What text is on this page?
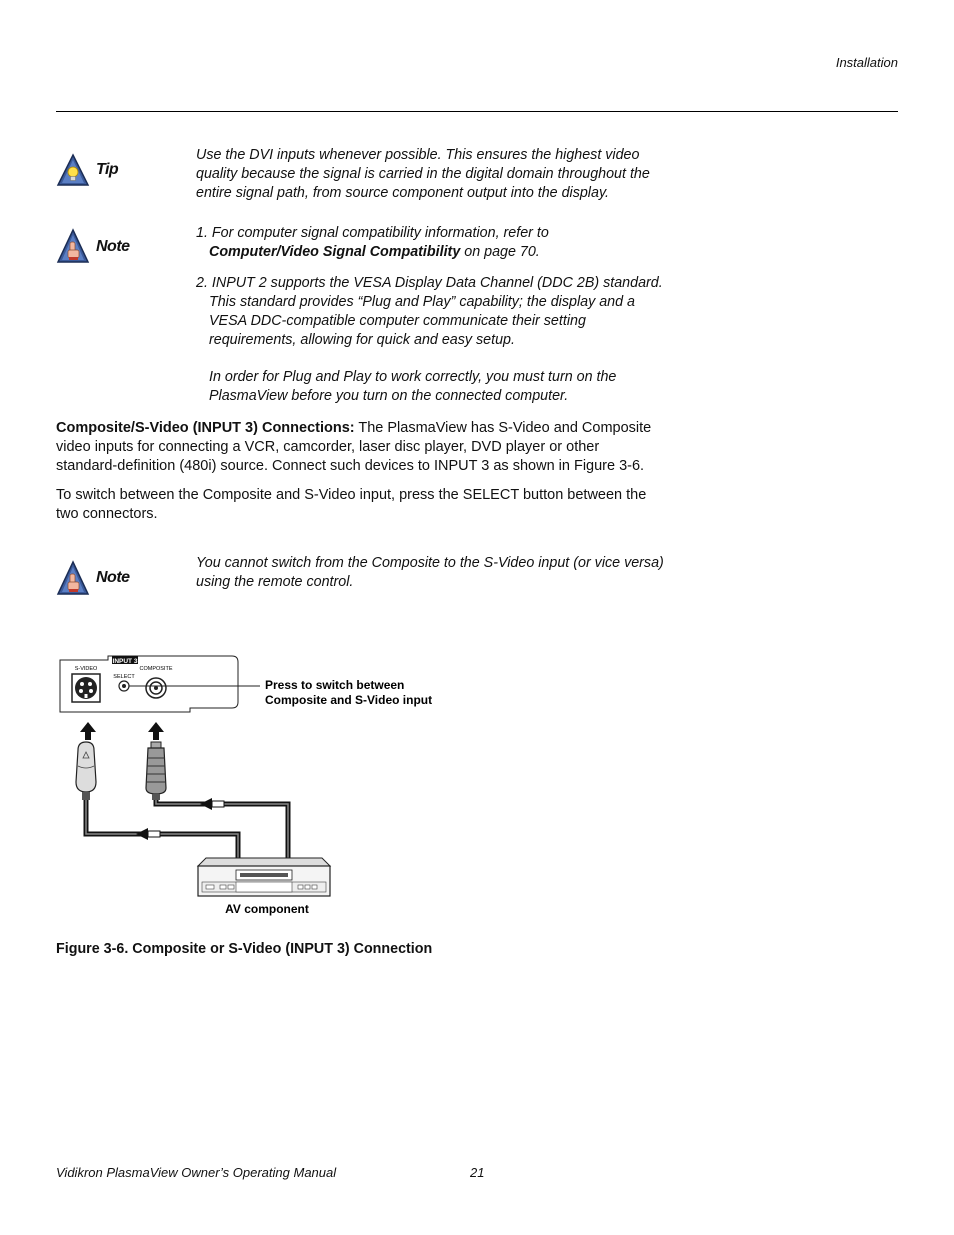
Installation
Tip
Use the DVI inputs whenever possible. This ensures the highest video
quality because the signal is carried in the digital domain throughout the
entire signal path, from source component output into the display.
Note
1. For computer signal compatibility information, refer to
Computer/Video Signal Compatibility on page 70.
2. INPUT 2 supports the VESA Display Data Channel (DDC 2B) standard.
This standard provides “Plug and Play” capability; the display and a
VESA DDC-compatible computer communicate their setting
requirements, allowing for quick and easy setup.
In order for Plug and Play to work correctly, you must turn on the
PlasmaView before you turn on the connected computer.
Composite/S-Video (INPUT 3) Connections: The PlasmaView has S-Video and Composite
video inputs for connecting a VCR, camcorder, laser disc player, DVD player or other
standard-definition (480i) source. Connect such devices to INPUT 3 as shown in Figure 3-6.
To switch between the Composite and S-Video input, press the SELECT button between the
two connectors.
Note
You cannot switch from the Composite to the S-Video input (or vice versa)
using the remote control.
INPUT 3
S-VIDEO
SELECT
COMPOSITE
Press to switch between
Composite and S-Video input
AV component
Figure 3-6. Composite or S-Video (INPUT 3) Connection
Vidikron PlasmaView Owner’s Operating Manual	21
